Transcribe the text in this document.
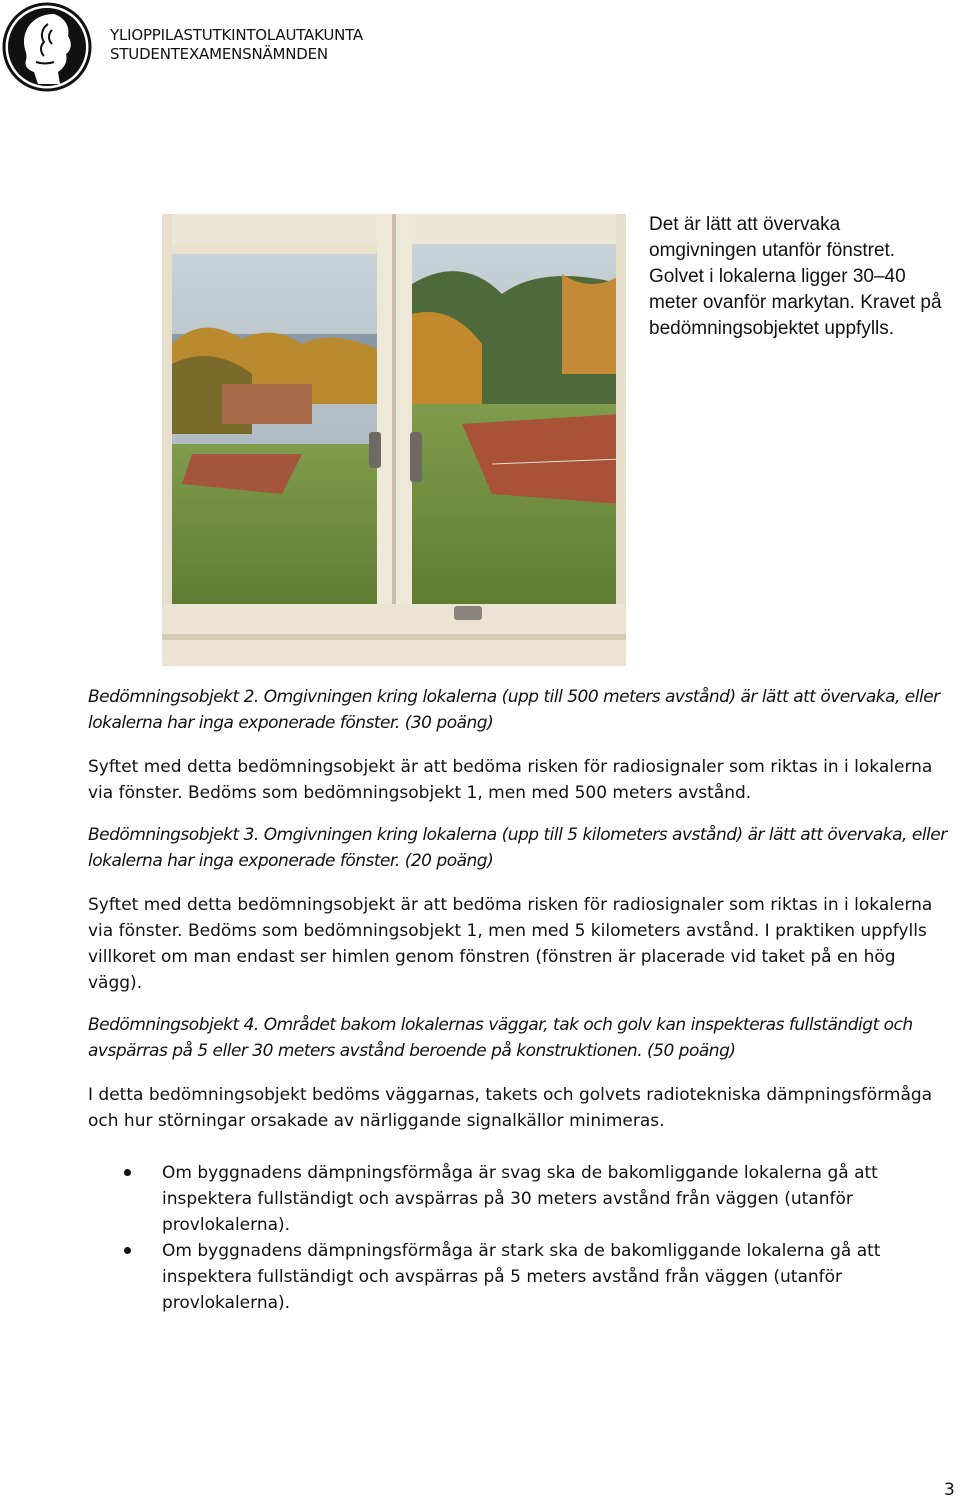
YLIOPPILASTUTKINTOLAUTAKUNTA
STUDENTEXAMENSNÄMNDEN
Det är lätt att övervaka omgivningen utanför fönstret. Golvet i lokalerna ligger 30–40 meter ovanför markytan. Kravet på bedömningsobjektet uppfylls.

Bedömningsobjekt 2. Omgivningen kring lokalerna (upp till 500 meters avstånd) är lätt att övervaka, eller lokalerna har inga exponerade fönster. (30 poäng)

Syftet med detta bedömningsobjekt är att bedöma risken för radiosignaler som riktas in i lokalerna via fönster. Bedöms som bedömningsobjekt 1, men med 500 meters avstånd.

Bedömningsobjekt 3. Omgivningen kring lokalerna (upp till 5 kilometers avstånd) är lätt att övervaka, eller lokalerna har inga exponerade fönster. (20 poäng)

Syftet med detta bedömningsobjekt är att bedöma risken för radiosignaler som riktas in i lokalerna via fönster. Bedöms som bedömningsobjekt 1, men med 5 kilometers avstånd. I praktiken uppfylls villkoret om man endast ser himlen genom fönstren (fönstren är placerade vid taket på en hög vägg).

Bedömningsobjekt 4. Området bakom lokalernas väggar, tak och golv kan inspekteras fullständigt och avspärras på 5 eller 30 meters avstånd beroende på konstruktionen. (50 poäng)

I detta bedömningsobjekt bedöms väggarnas, takets och golvets radiotekniska dämpningsförmåga och hur störningar orsakade av närliggande signalkällor minimeras.

Om byggnadens dämpningsförmåga är svag ska de bakomliggande lokalerna gå att inspektera fullständigt och avspärras på 30 meters avstånd från väggen (utanför provlokalerna).
Om byggnadens dämpningsförmåga är stark ska de bakomliggande lokalerna gå att inspektera fullständigt och avspärras på 5 meters avstånd från väggen (utanför provlokalerna).
3
